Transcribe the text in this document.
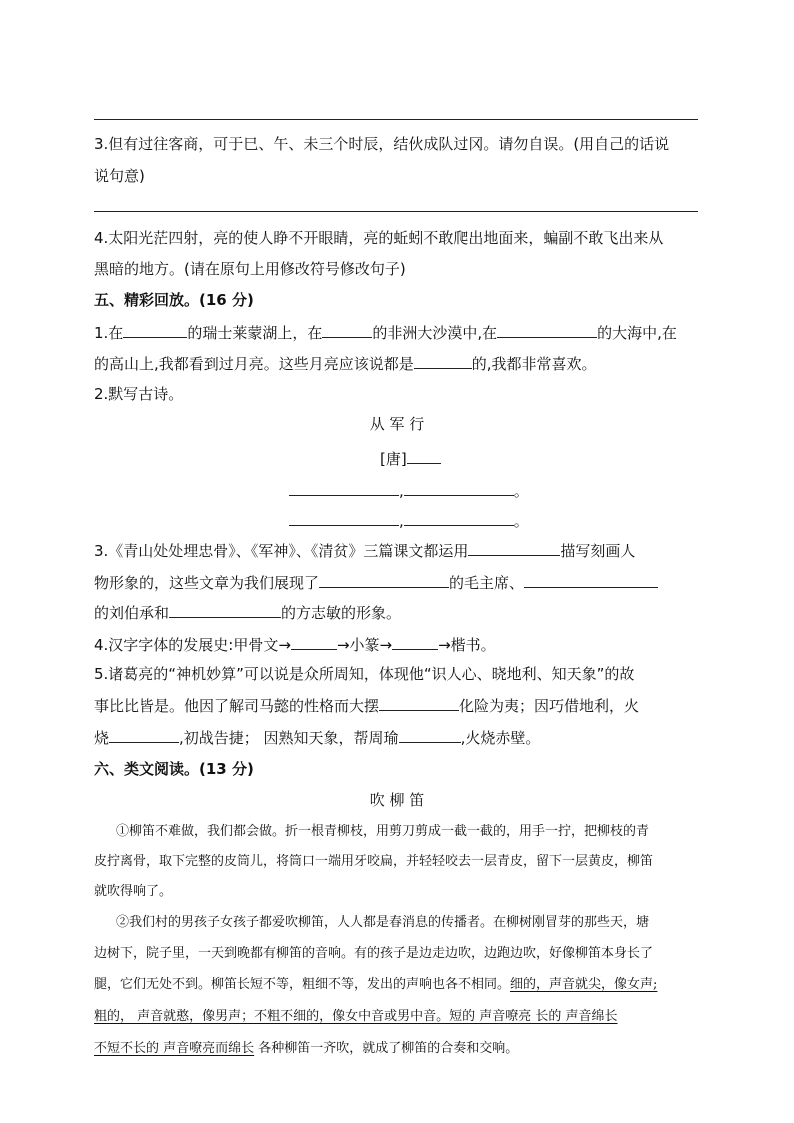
3.但有过往客商，可于巳、午、未三个时辰，结伙成队过冈。请勿自误。(用自己的话说
说句意)
4.太阳光茫四射，亮的使人睁不开眼睛，亮的蚯蚓不敢爬出地面来，蝙副不敢飞出来从
黑暗的地方。(请在原句上用修改符号修改句子)
五、精彩回放。(16 分)
1.在	的瑞士莱蒙湖上，在	的非洲大沙漠中,在	的大海中,在
的高山上,我都看到过月亮。这些月亮应该说都是	的,我都非常喜欢。
2.默写古诗。
从 军 行
[唐]
,	。
,	。
3.《青山处处埋忠骨》、《军神》、《清贫》三篇课文都运用	描写刻画人
物形象的，这些文章为我们展现了	的毛主席、
的刘伯承和	的方志敏的形象。
4.汉字字体的发展史:甲骨文→	→小篆→	→楷书。
5.诸葛亮的“神机妙算”可以说是众所周知，体现他“识人心、晓地利、知天象”的故
事比比皆是。他因了解司马懿的性格而大摆	化险为夷；因巧借地利，火
烧	,初战告捷； 因熟知天象，帮周瑜	,火烧赤壁。
六、类文阅读。(13 分)
吹 柳 笛
①柳笛不难做，我们都会做。折一根青柳枝，用剪刀剪成一截一截的，用手一拧，把柳枝的青
皮拧离骨，取下完整的皮筒儿，将筒口一端用牙咬扁，并轻轻咬去一层青皮，留下一层黄皮，柳笛
就吹得响了。
②我们村的男孩子女孩子都爱吹柳笛，人人都是春消息的传播者。在柳树刚冒芽的那些天，塘
边树下，院子里，一天到晚都有柳笛的音响。有的孩子是边走边吹，边跑边吹，好像柳笛本身长了
腿，它们无处不到。柳笛长短不等，粗细不等，发出的声响也各不相同。细的，声音就尖，像女声;
粗的， 声音就憨，像男声；不粗不细的，像女中音或男中音。短的 声音嘹亮 长的 声音绵长
不短不长的 声音嘹亮而绵长 各种柳笛一齐吹，就成了柳笛的合奏和交响。
